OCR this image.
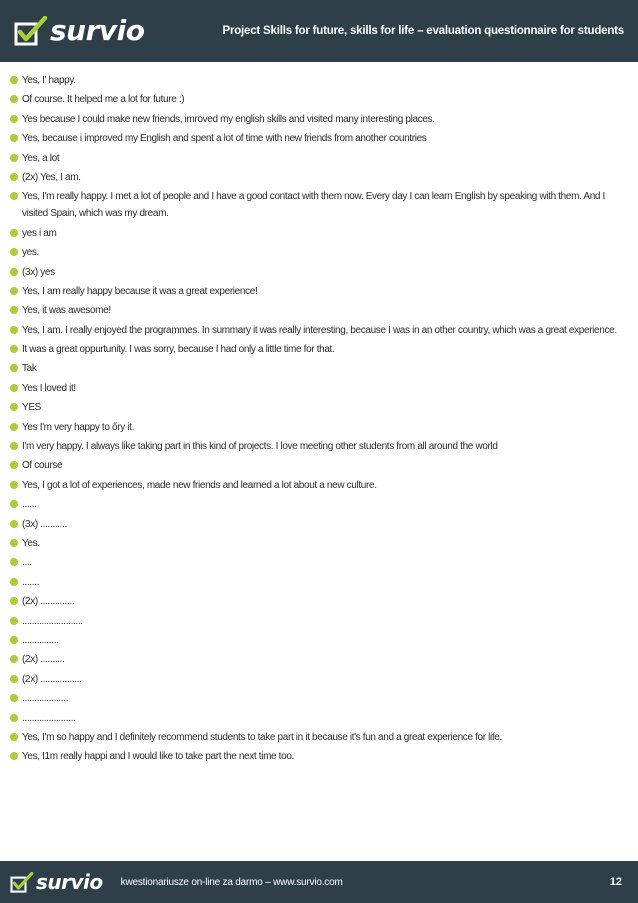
survio	Project Skills for future, skills for life – evaluation questionnaire for students
Yes, I' happy.
Of course. It helped me a lot for future :)
Yes because I could make new friends, imroved my english skills and visited many interesting places.
Yes, because i improved my English and spent a lot of time with new friends from another countries
Yes, a lot
(2x) Yes, I am.
Yes, I'm really happy. I met a lot of people and I have a good contact with them now. Every day I can learn English by speaking with them. And I visited Spain, which was my dream.
yes i am
yes.
(3x) yes
Yes, I am really happy because it was a great experience!
Yes, it was awesome!
Yes, I am. I really enjoyed the programmes. In summary it was really interesting, because I was in an other country, which was a great experience.
It was a great oppurtunity. I was sorry, because I had only a little time for that.
Tak
Yes I loved it!
YES
Yes I'm very happy to őry it.
I'm very happy. I always like taking part in this kind of projects. I love meeting other students from all around the world
Of course
Yes, I got a lot of experiences, made new friends and learned a lot about a new culture.
......
(3x) ...........
Yes.
....
.......
(2x) ..............
.........................
...............
(2x) ..........
(2x) .................
...................
......................
Yes, I'm so happy and I definitely recommend students to take part in it because it's fun and a great experience for life.
Yes, I1m really happi and I would like to take part the next time too.
survio kwestionariusze on-line za darmo – www.survio.com	12
